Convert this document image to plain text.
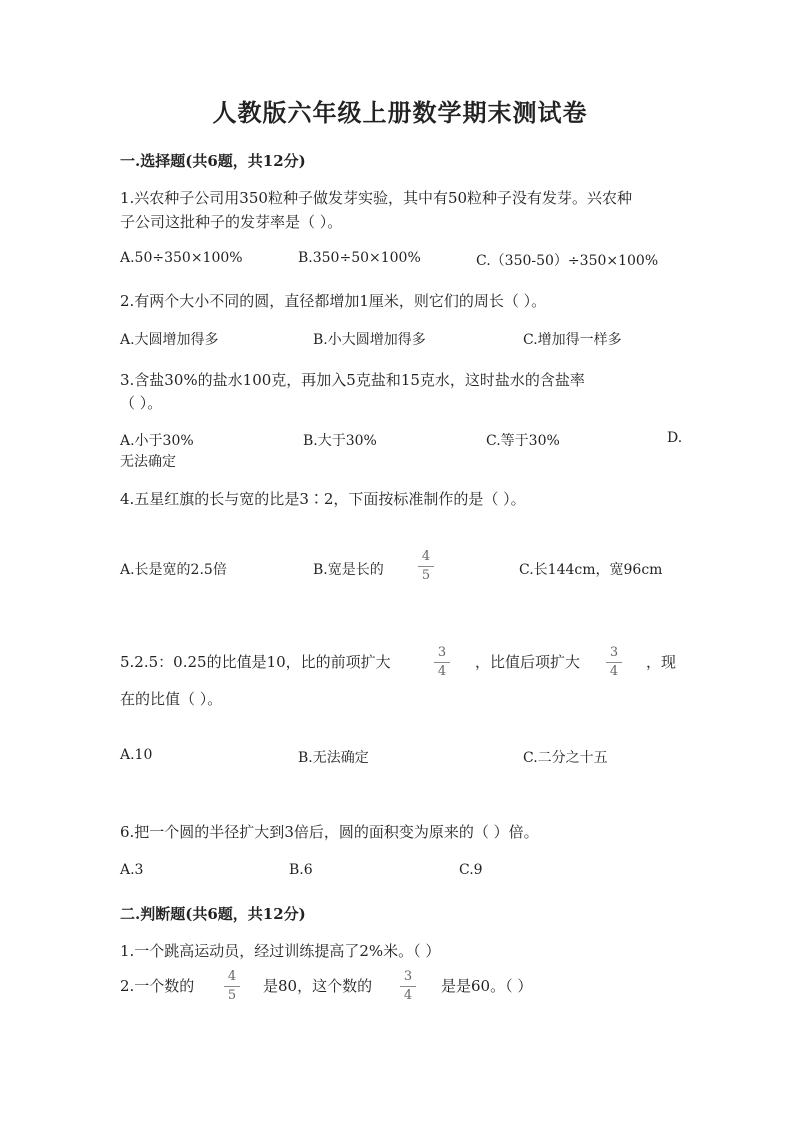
人教版六年级上册数学期末测试卷
一.选择题(共6题，共12分)
1.兴农种子公司用350粒种子做发芽实验，其中有50粒种子没有发芽。兴农种
子公司这批种子的发芽率是（ ）。
A.50÷350×100%	B.350÷50×100%	C.（350-50）÷350×100%
2.有两个大小不同的圆，直径都增加1厘米，则它们的周长（ ）。
A.大圆增加得多	B.小大圆增加得多	C.增加得一样多
3.含盐30%的盐水100克，再加入5克盐和15克水，这时盐水的含盐率
（ ）。
A.小于30%	B.大于30%	C.等于30%	D.
无法确定
4.五星红旗的长与宽的比是3∶2，下面按标准制作的是（ ）。
A.长是宽的2.5倍	B.宽是长的
4
5	C.长144cm，宽96cm
5.2.5：0.25的比值是10，比的前项扩大
3
4
，比值后项扩大
3
4
，现
在的比值（ ）。
A.10	B.无法确定	C.二分之十五
6.把一个圆的半径扩大到3倍后，圆的面积变为原来的（ ）倍。
A.3	B.6	C.9
二.判断题(共6题，共12分)
1.一个跳高运动员，经过训练提高了2%米。（ ）
2.一个数的
4
5
是80，这个数的
3
4
是是60。（ ）
